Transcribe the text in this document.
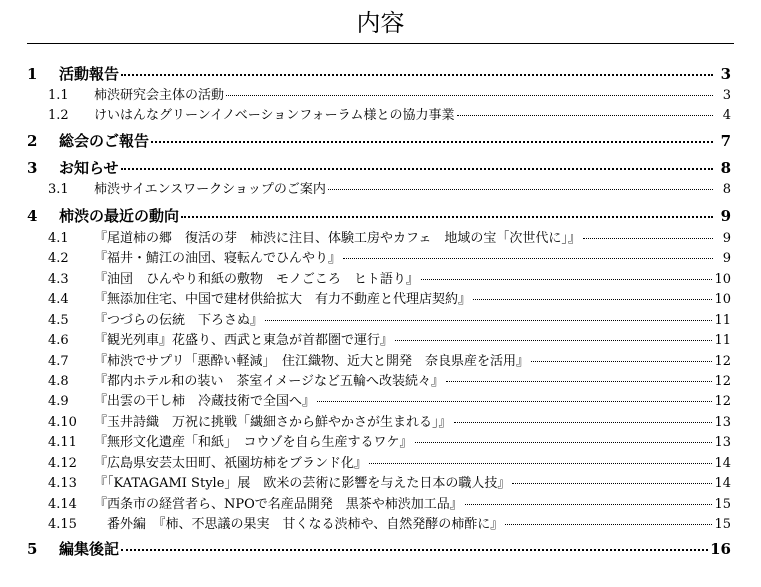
内容
1	活動報告	3
1.1	柿渋研究会主体の活動	3
1.2	けいはんなグリーンイノベーションフォーラム様との協力事業	4
2	総会のご報告	7
3	お知らせ	8
3.1	柿渋サイエンスワークショップのご案内	8
4	柿渋の最近の動向	9
4.1	『尾道柿の郷　復活の芽　柿渋に注目、体験工房やカフェ　地域の宝「次世代に」』	9
4.2	『福井・鯖江の油団、寝転んでひんやり』	9
4.3	『油団　ひんやり和紙の敷物　モノごころ　ヒト語り』	10
4.4	『無添加住宅、中国で建材供給拡大　有力不動産と代理店契約』	10
4.5	『つづらの伝統　下ろさぬ』	11
4.6	『観光列車』花盛り、西武と東急が首都圏で運行』	11
4.7	『柿渋でサプリ「悪酔い軽減」　住江織物、近大と開発　奈良県産を活用』	12
4.8	『都内ホテル和の装い　茶室イメージなど五輪へ改装続々』	12
4.9	『出雲の干し柿　冷蔵技術で全国へ』	12
4.10	『玉井詩織　万祝に挑戦「繊細さから鮮やかさが生まれる」』	13
4.11	『無形文化遺産「和紙」　コウゾを自ら生産するワケ』	13
4.12	『広島県安芸太田町、祇園坊柿をブランド化』	14
4.13	『「KATAGAMI Style」展　欧米の芸術に影響を与えた日本の職人技』	14
4.14	『西条市の経営者ら、NPOで名産品開発　黒茶や柿渋加工品』	15
4.15	　番外編　『柿、不思議の果実　甘くなる渋柿や、自然発酵の柿酢に』	15
5	編集後記	16
